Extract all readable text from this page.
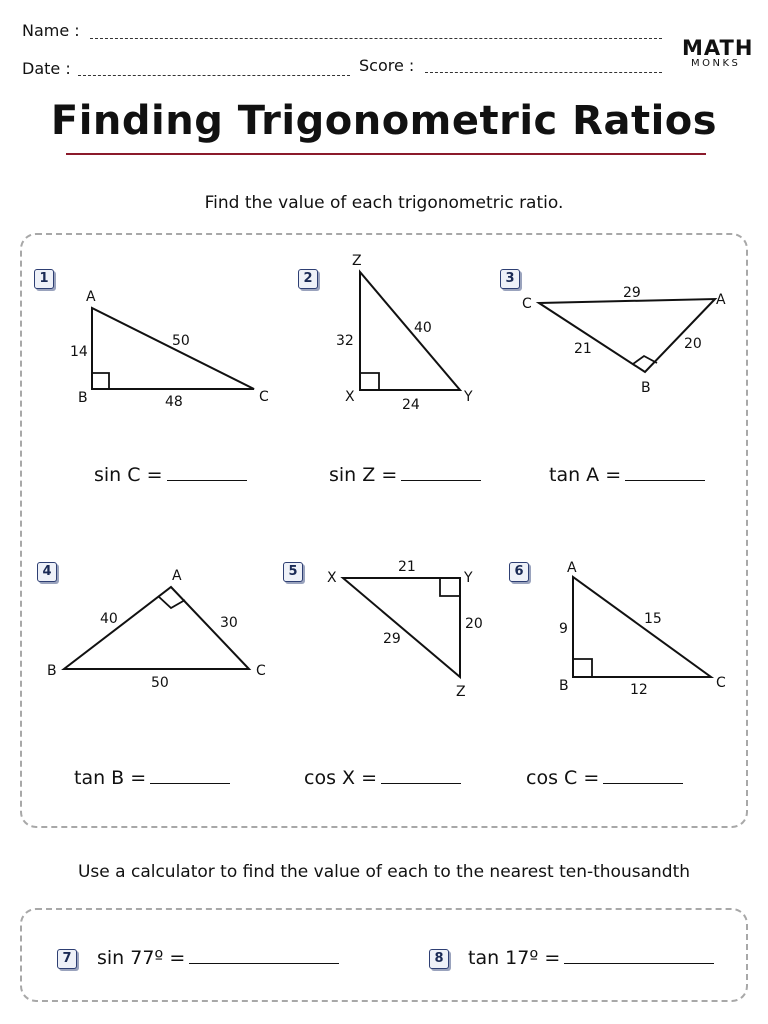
Name :
Date :	Score :
MATH
MONKS
Finding Trigonometric Ratios
Find the value of each trigonometric ratio.
1	2	3
4	5	6
A
14
50
B	48	C
Z
32
40
X	24	Y
C
29	A
21	20
B
A
40	30
B
50
C
X
21
Y
20
29
Z
A
9
15
B	12	C
sin C =	sin Z =	tan A =
tan B =	cos X =	cos C =
Use a calculator to find the value of each to the nearest ten-thousandth
7 sin 77º =	8 tan 17º =
